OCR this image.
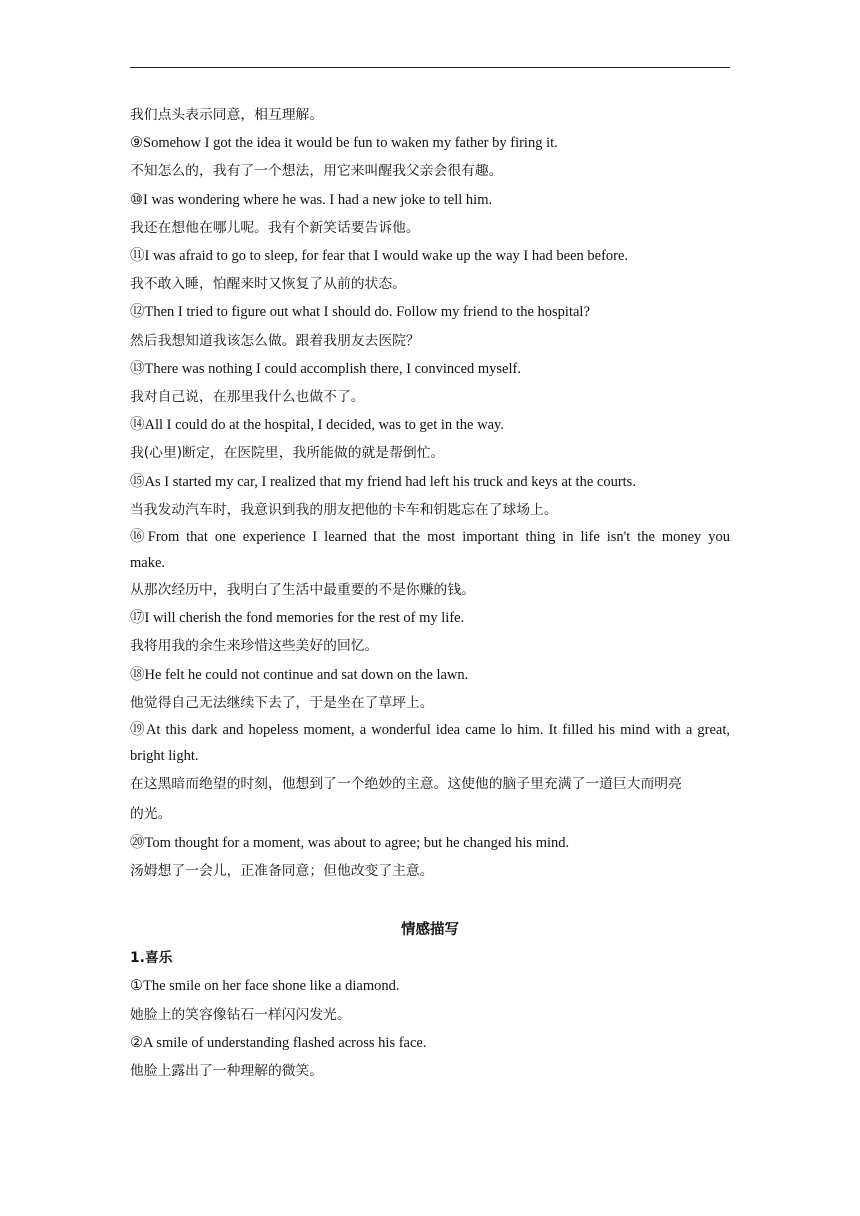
我们点头表示同意，相互理解。
⑨Somehow I got the idea it would be fun to waken my father by firing it.
不知怎么的，我有了一个想法，用它来叫醒我父亲会很有趣。
⑩I was wondering where he was. I had a new joke to tell him.
我还在想他在哪儿呢。我有个新笑话要告诉他。
⑪I was afraid to go to sleep, for fear that I would wake up the way I had been before.
我不敢入睡，怕醒来时又恢复了从前的状态。
⑫Then I tried to figure out what I should do. Follow my friend to the hospital?
然后我想知道我该怎么做。跟着我朋友去医院？
⑬There was nothing I could accomplish there, I convinced myself.
我对自己说，在那里我什么也做不了。
⑭All I could do at the hospital, I decided, was to get in the way.
我(心里)断定，在医院里，我所能做的就是帮倒忙。
⑮As I started my car, I realized that my friend had left his truck and keys at the courts.
当我发动汽车时，我意识到我的朋友把他的卡车和钥匙忘在了球场上。
⑯From that one experience I learned that the most important thing in life isn't the money you
make.
从那次经历中，我明白了生活中最重要的不是你赚的钱。
⑰I will cherish the fond memories for the rest of my life.
我将用我的余生来珍惜这些美好的回忆。
⑱He felt he could not continue and sat down on the lawn.
他觉得自己无法继续下去了，于是坐在了草坪上。
⑲At this dark and hopeless moment, a wonderful idea came lo him. It filled his mind with a great,
bright light.
在这黑暗而绝望的时刻，他想到了一个绝妙的主意。这使他的脑子里充满了一道巨大而明亮
的光。
⑳Tom thought for a moment, was about to agree; but he changed his mind.
汤姆想了一会儿，正准备同意；但他改变了主意。
情感描写
1.喜乐
①The smile on her face shone like a diamond.
她脸上的笑容像钻石一样闪闪发光。
②A smile of understanding flashed across his face.
他脸上露出了一种理解的微笑。
